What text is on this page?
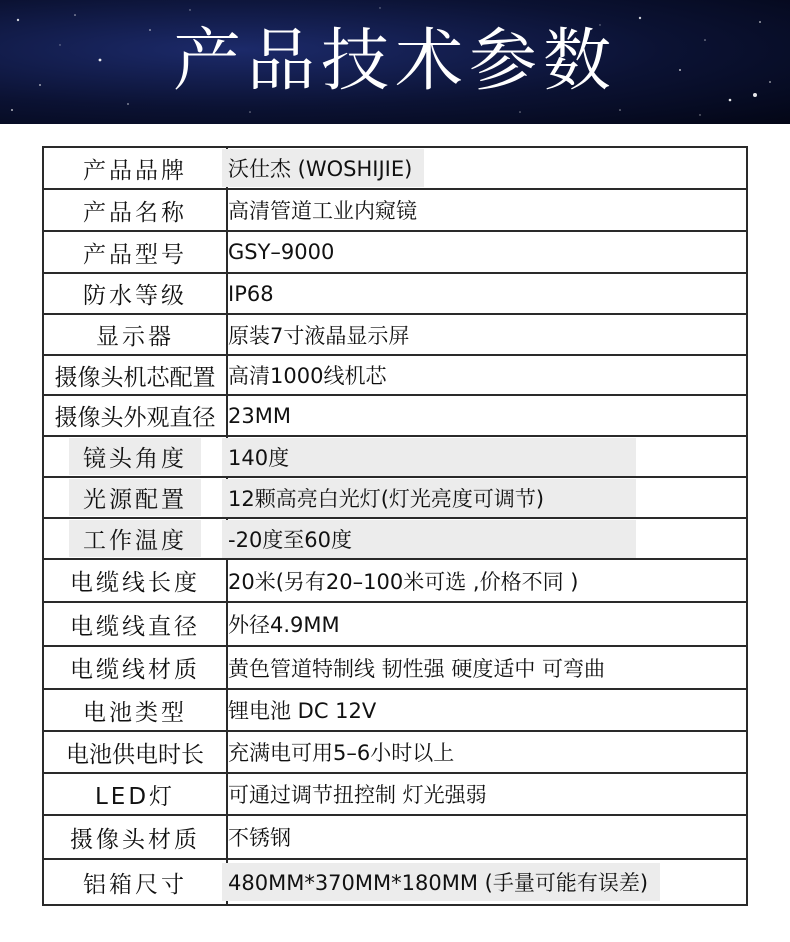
产品技术参数
产品品牌	沃仕杰 (WOSHIJIE)
产品名称	高清管道工业内窥镜
产品型号	GSY–9000
防水等级	IP68
显示器	原装7寸液晶显示屏
摄像头机芯配置	高清1000线机芯
摄像头外观直径	23MM
镜头角度	140度
光源配置	12颗高亮白光灯(灯光亮度可调节)
工作温度	-20度至60度
电缆线长度	20米(另有20–100米可选 ,价格不同 )
电缆线直径	外径4.9MM
电缆线材质	黄色管道特制线 韧性强 硬度适中 可弯曲
电池类型	锂电池 DC 12V
电池供电时长	充满电可用5–6小时以上
LED灯	可通过调节扭控制 灯光强弱
摄像头材质	不锈钢
铝箱尺寸	480MM*370MM*180MM (手量可能有误差)
